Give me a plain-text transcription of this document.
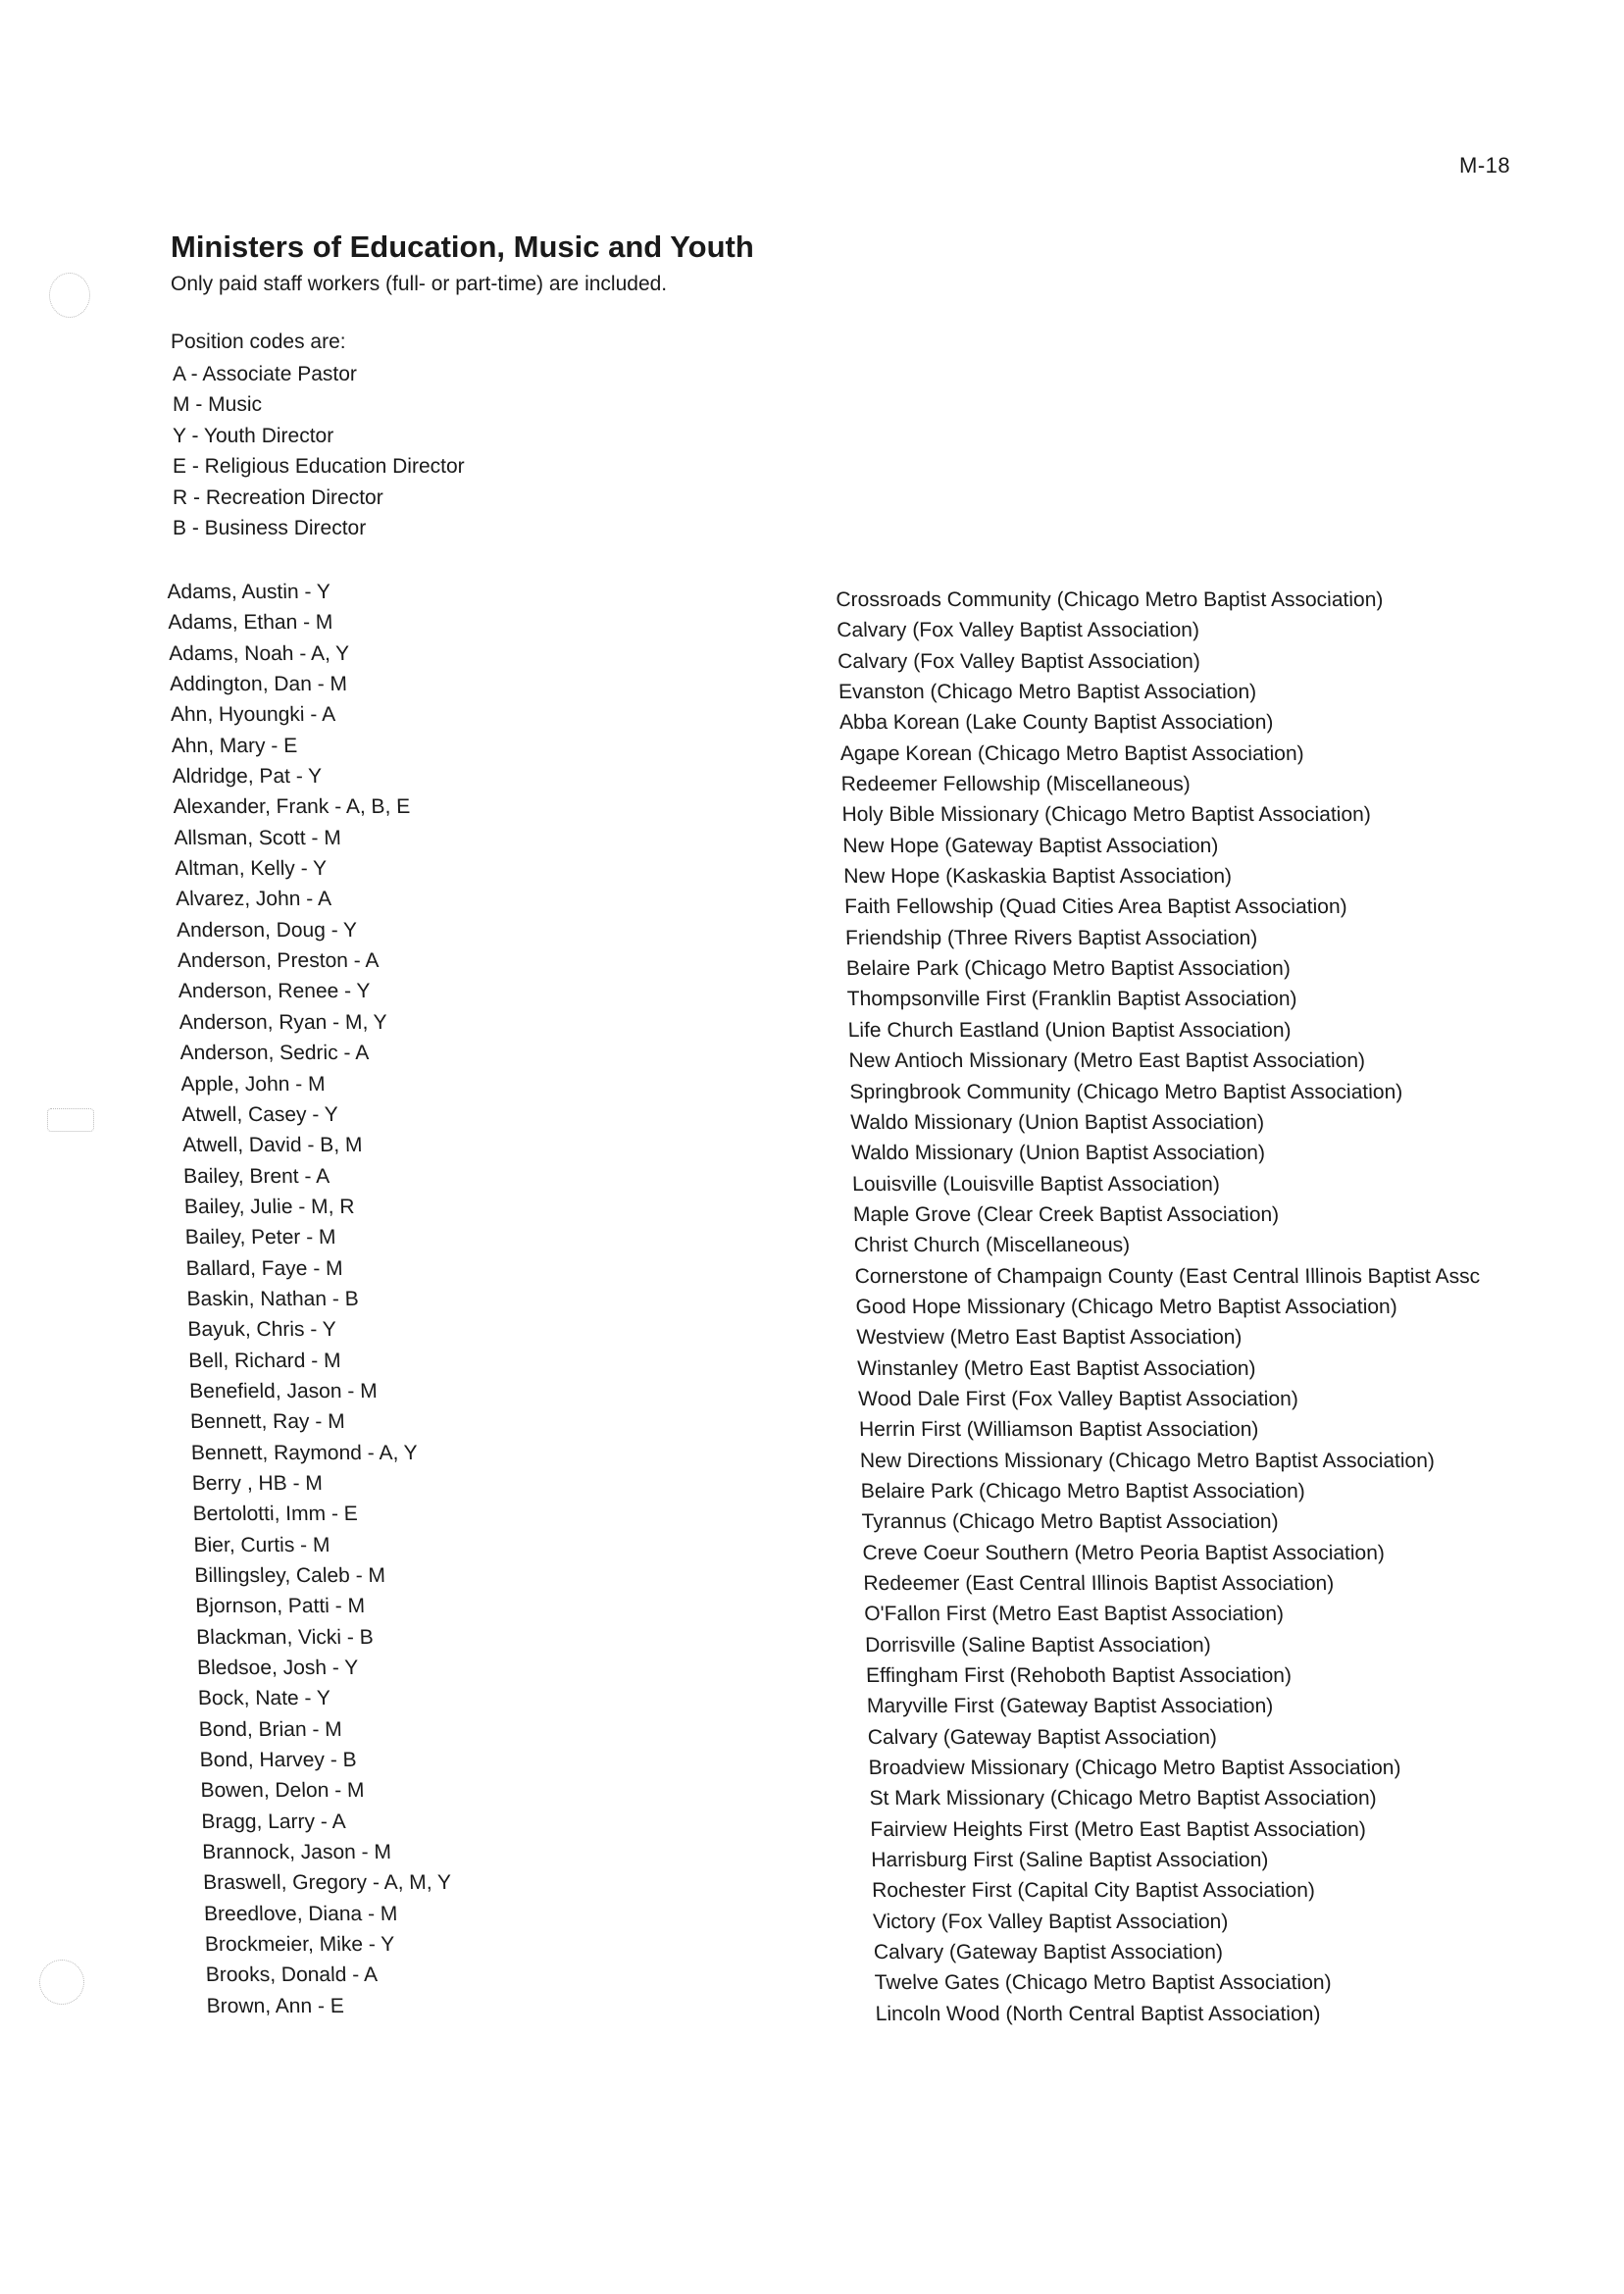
M-18
Ministers of Education, Music and Youth
Only paid staff workers (full- or part-time) are included.
Position codes are:
A - Associate Pastor
M - Music
Y - Youth Director
E - Religious Education Director
R - Recreation Director
B - Business Director
Adams, Austin - Y
Adams, Ethan - M
Adams, Noah - A, Y
Addington, Dan - M
Ahn, Hyoungki - A
Ahn, Mary - E
Aldridge, Pat - Y
Alexander, Frank - A, B, E
Allsman, Scott - M
Altman, Kelly - Y
Alvarez, John - A
Anderson, Doug - Y
Anderson, Preston - A
Anderson, Renee - Y
Anderson, Ryan - M, Y
Anderson, Sedric - A
Apple, John - M
Atwell, Casey - Y
Atwell, David - B, M
Bailey, Brent - A
Bailey, Julie - M, R
Bailey, Peter - M
Ballard, Faye - M
Baskin, Nathan - B
Bayuk, Chris - Y
Bell, Richard - M
Benefield, Jason - M
Bennett, Ray - M
Bennett, Raymond - A, Y
Berry , HB - M
Bertolotti, Imm - E
Bier, Curtis - M
Billingsley, Caleb - M
Bjornson, Patti - M
Blackman, Vicki - B
Bledsoe, Josh - Y
Bock, Nate - Y
Bond, Brian - M
Bond, Harvey - B
Bowen, Delon - M
Bragg, Larry - A
Brannock, Jason - M
Braswell, Gregory - A, M, Y
Breedlove, Diana - M
Brockmeier, Mike - Y
Brooks, Donald - A
Brown, Ann - E
Crossroads Community (Chicago Metro Baptist Association)
Calvary (Fox Valley Baptist Association)
Calvary (Fox Valley Baptist Association)
Evanston (Chicago Metro Baptist Association)
Abba Korean (Lake County Baptist Association)
Agape Korean (Chicago Metro Baptist Association)
Redeemer Fellowship (Miscellaneous)
Holy Bible Missionary (Chicago Metro Baptist Association)
New Hope (Gateway Baptist Association)
New Hope (Kaskaskia Baptist Association)
Faith Fellowship (Quad Cities Area Baptist Association)
Friendship (Three Rivers Baptist Association)
Belaire Park (Chicago Metro Baptist Association)
Thompsonville First (Franklin Baptist Association)
Life Church Eastland (Union Baptist Association)
New Antioch Missionary (Metro East Baptist Association)
Springbrook Community (Chicago Metro Baptist Association)
Waldo Missionary (Union Baptist Association)
Waldo Missionary (Union Baptist Association)
Louisville (Louisville Baptist Association)
Maple Grove (Clear Creek Baptist Association)
Christ Church (Miscellaneous)
Cornerstone of Champaign County (East Central Illinois Baptist Assc
Good Hope Missionary (Chicago Metro Baptist Association)
Westview (Metro East Baptist Association)
Winstanley (Metro East Baptist Association)
Wood Dale First (Fox Valley Baptist Association)
Herrin First (Williamson Baptist Association)
New Directions Missionary (Chicago Metro Baptist Association)
Belaire Park (Chicago Metro Baptist Association)
Tyrannus (Chicago Metro Baptist Association)
Creve Coeur Southern (Metro Peoria Baptist Association)
Redeemer (East Central Illinois Baptist Association)
O'Fallon First (Metro East Baptist Association)
Dorrisville (Saline Baptist Association)
Effingham First (Rehoboth Baptist Association)
Maryville First (Gateway Baptist Association)
Calvary (Gateway Baptist Association)
Broadview Missionary (Chicago Metro Baptist Association)
St Mark Missionary (Chicago Metro Baptist Association)
Fairview Heights First (Metro East Baptist Association)
Harrisburg First (Saline Baptist Association)
Rochester First (Capital City Baptist Association)
Victory (Fox Valley Baptist Association)
Calvary (Gateway Baptist Association)
Twelve Gates (Chicago Metro Baptist Association)
Lincoln Wood (North Central Baptist Association)
